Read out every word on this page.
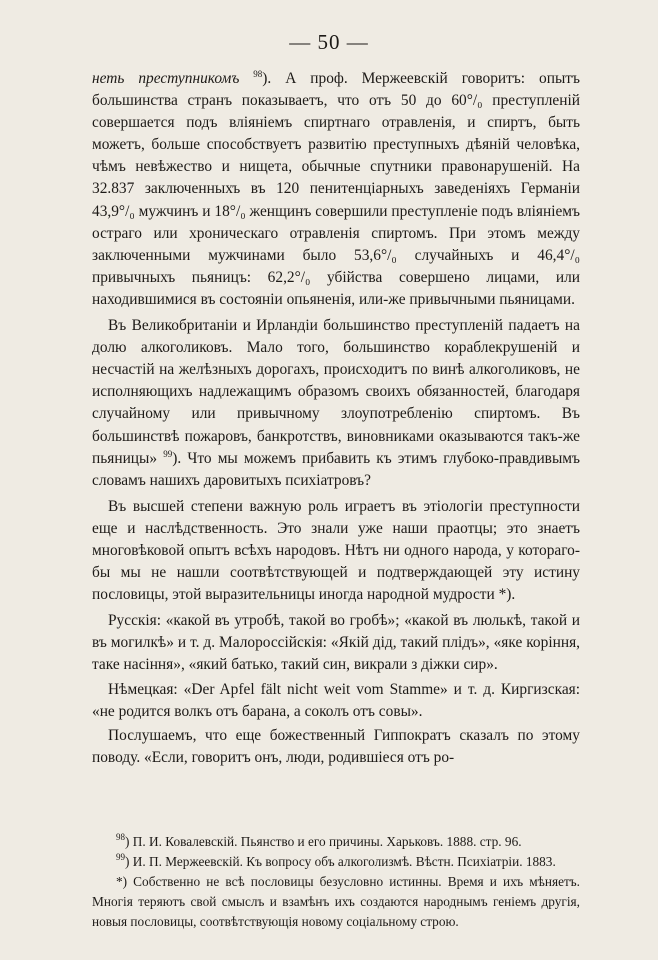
— 50 —

неть преступникомъ $^{98}$). А проф. Мержеевскій говоритъ: опытъ большинства странъ показываетъ, что отъ 50 до 60°/₀ преступленій совершается подъ вліяніемъ спиртнаго отравленія, и спиртъ, быть можетъ, больше способствуетъ развитію преступныхъ дѣяній человѣка, чѣмъ невѣжество и нищета, обычные спутники правонарушеній. На 32.837 заключенныхъ въ 120 пенитенціарныхъ заведеніяхъ Германіи 43,9°/₀ мужчинъ и 18°/₀ женщинъ совершили преступленіе подъ вліяніемъ остраго или хроническаго отравленія спиртомъ. При этомъ между заключенными мужчинами было 53,6°/₀ случайныхъ и 46,4°/₀ привычныхъ пьяницъ: 62,2°/₀ убійства совершено лицами, или находившимися въ состояніи опьяненія, или-же привычными пьяницами.

Въ Великобританіи и Ирландіи большинство преступленій падаетъ на долю алкоголиковъ. Мало того, большинство кораблекрушеній и несчастій на желѣзныхъ дорогахъ, происходитъ по винѣ алкоголиковъ, не исполняющихъ надлежащимъ образомъ своихъ обязанностей, благодаря случайному или привычному злоупотребленію спиртомъ. Въ большинствѣ пожаровъ, банкротствъ, виновниками оказываются такъ-же пьяницы» $^{99}$). Что мы можемъ прибавить къ этимъ глубоко-правдивымъ словамъ нашихъ даровитыхъ психіатровъ?

Въ высшей степени важную роль играетъ въ этіологіи преступности еще и наслѣдственность. Это знали уже наши праотцы; это знаетъ многовѣковой опытъ всѣхъ народовъ. Нѣтъ ни одного народа, у котораго-бы мы не нашли соотвѣтствующей и подтверждающей эту истину пословицы, этой выразительницы иногда народной мудрости *).

Русскія: «какой въ утробѣ, такой во гробѣ»; «какой въ люлькѣ, такой и въ могилкѣ» и т. д. Малороссійскія: «Якій дід, такий плідъ», «яке коріння, таке насіння», «який батько, такий син, викрали з діжки сир».

Нѣмецкая: «Der Apfel fält nicht weit vom Stamme» и т. д. Киргизская: «не родится волкъ отъ барана, а соколъ отъ совы».

Послушаемъ, что еще божественный Гиппократъ сказалъ по этому поводу. «Если, говоритъ онъ, люди, родившіеся отъ ро-

$^{98}$) П. И. Ковалевскій. Пьянство и его причины. Харьковъ. 1888. стр. 96.

$^{99}$) И. П. Мержеевскій. Къ вопросу объ алкоголизмѣ. Вѣстн. Психіатріи. 1883.

*) Собственно не всѣ пословицы безусловно истинны. Время и ихъ мѣняетъ. Многія теряютъ свой смыслъ и взамѣнъ ихъ создаются народнымъ геніемъ другія, новыя пословицы, соотвѣтствующія новому соціальному строю.
